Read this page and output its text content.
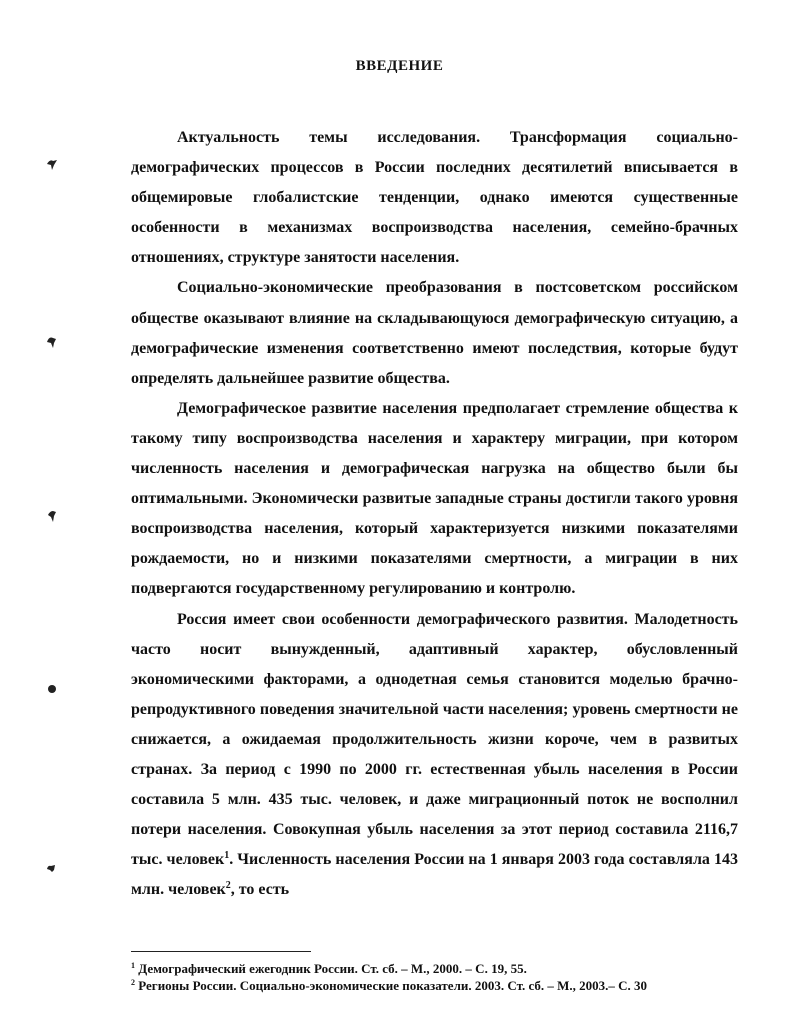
ВВЕДЕНИЕ

Актуальность темы исследования. Трансформация социально-демографических процессов в России последних десятилетий вписывается в общемировые глобалистские тенденции, однако имеются существенные особенности в механизмах воспроизводства населения, семейно-брачных отношениях, структуре занятости населения.

Социально-экономические преобразования в постсоветском российском обществе оказывают влияние на складывающуюся демографическую ситуацию, а демографические изменения соответственно имеют последствия, которые будут определять дальнейшее развитие общества.

Демографическое развитие населения предполагает стремление общества к такому типу воспроизводства населения и характеру миграции, при котором численность населения и демографическая нагрузка на общество были бы оптимальными. Экономически развитые западные страны достигли такого уровня воспроизводства населения, который характеризуется низкими показателями рождаемости, но и низкими показателями смертности, а миграции в них подвергаются государственному регулированию и контролю.

Россия имеет свои особенности демографического развития. Малодетность часто носит вынужденный, адаптивный характер, обусловленный экономическими факторами, а однодетная семья становится моделью брачно-репродуктивного поведения значительной части населения; уровень смертности не снижается, а ожидаемая продолжительность жизни короче, чем в развитых странах. За период с 1990 по 2000 гг. естественная убыль населения в России составила 5 млн. 435 тыс. человек, и даже миграционный поток не восполнил потери населения. Совокупная убыль населения за этот период составила 2116,7 тыс. человек$^1$. Численность населения России на 1 января 2003 года составляла 143 млн. человек$^2$, то есть

$^1$ Демографический ежегодник России. Ст. сб. – М., 2000. – С. 19, 55.

$^2$ Регионы России. Социально-экономические показатели. 2003. Ст. сб. – М., 2003.– С. 30
